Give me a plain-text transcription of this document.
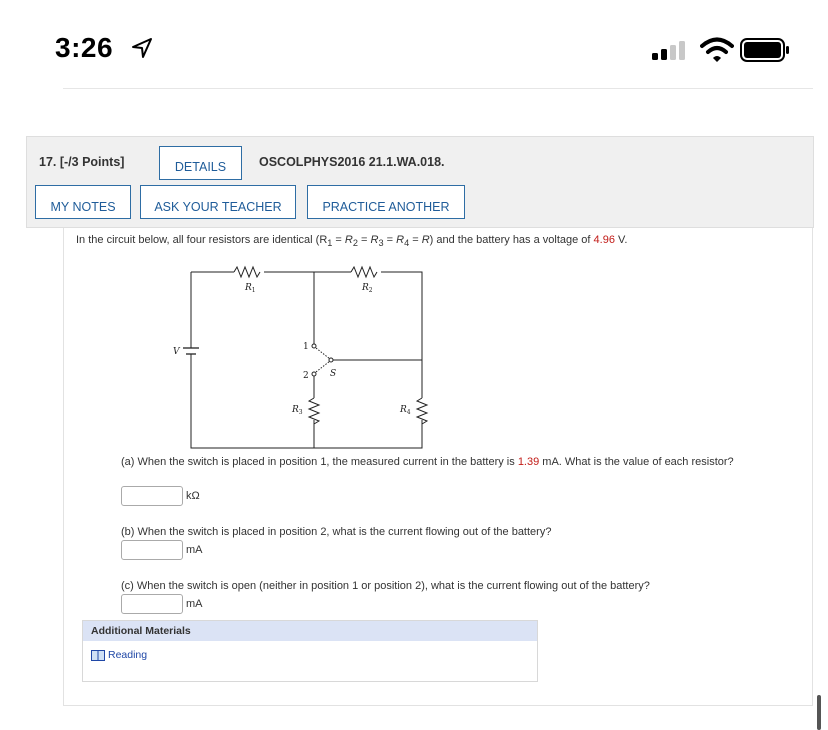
3:26
17. [-/3 Points]	DETAILS	OSCOLPHYS2016 21.1.WA.018.
MY NOTES	ASK YOUR TEACHER	PRACTICE ANOTHER
In the circuit below, all four resistors are identical $(R_1 = R_2 = R_3 = R_4 = R)$ and the battery has a voltage of 4.96 V.
$R_1$	$R_2$
$R_3$	$R_4$
V
S
1
2
(a) When the switch is placed in position 1, the measured current in the battery is 1.39 mA. What is the value of each resistor?
kΩ
(b) When the switch is placed in position 2, what is the current flowing out of the battery?
mA
(c) When the switch is open (neither in position 1 or position 2), what is the current flowing out of the battery?
mA
Additional Materials
Reading
